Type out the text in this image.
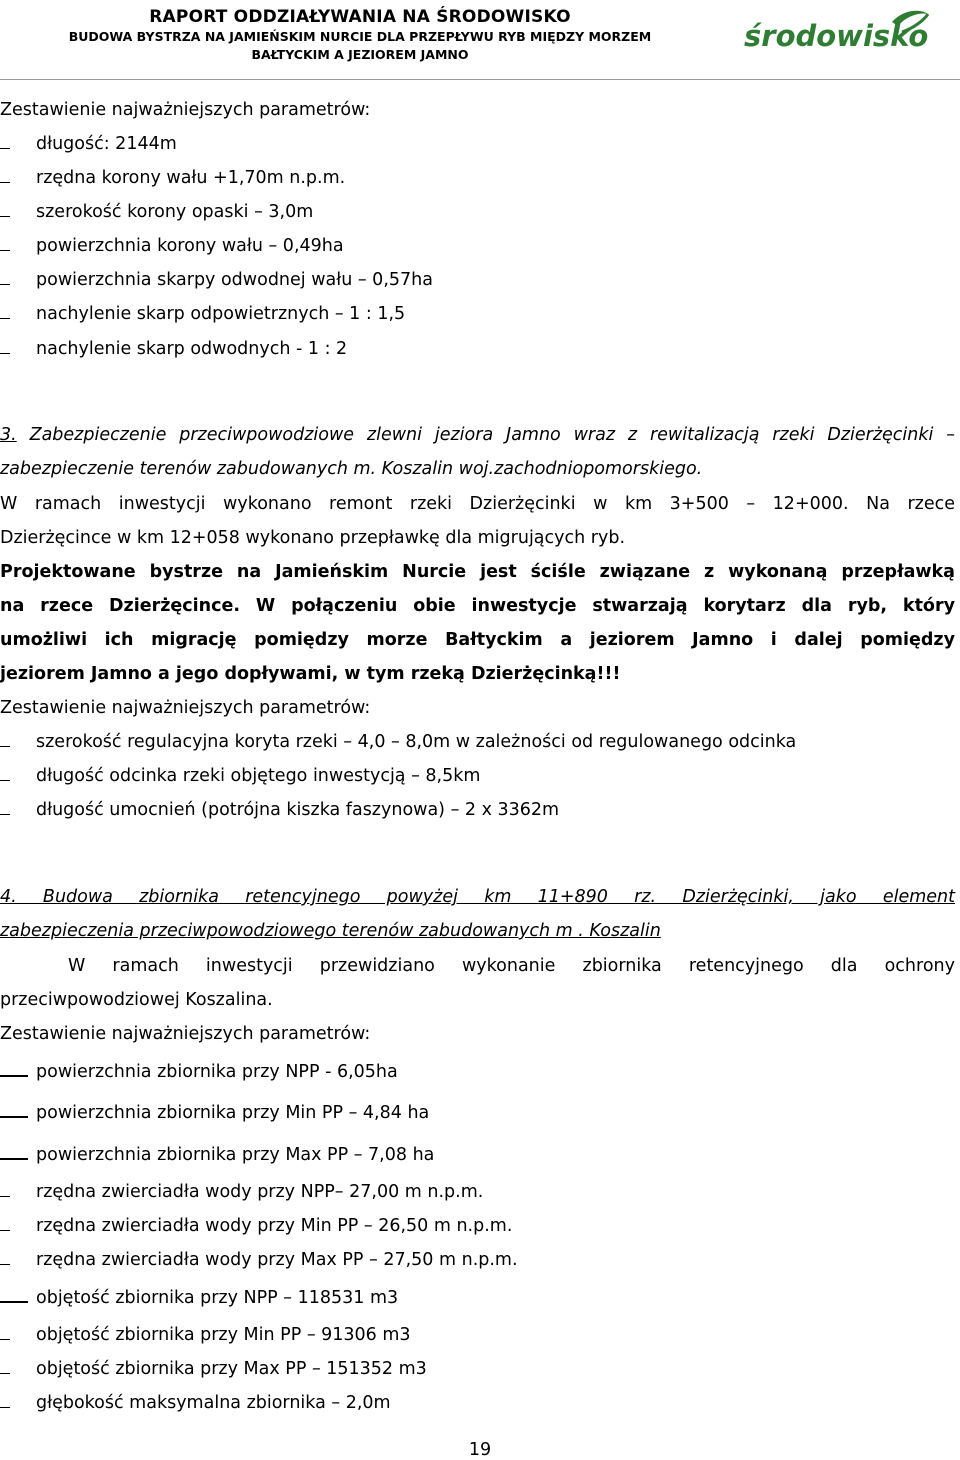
RAPORT ODDZIAŁYWANIA NA ŚRODOWISKO
BUDOWA BYSTRZA NA JAMIEŃSKIM NURCIE DLA PRZEPŁYWU RYB MIĘDZY MORZEM
BAŁTYCKIM A JEZIOREM JAMNO
środowisko
Zestawienie najważniejszych parametrów:
długość: 2144m
rzędna korony wału +1,70m n.p.m.
szerokość korony opaski – 3,0m
powierzchnia korony wału – 0,49ha
powierzchnia skarpy odwodnej wału – 0,57ha
nachylenie skarp odpowietrznych – 1 : 1,5
nachylenie skarp odwodnych - 1 : 2
3. Zabezpieczenie przeciwpowodziowe zlewni jeziora Jamno wraz z rewitalizacją rzeki Dzierżęcinki –
zabezpieczenie terenów zabudowanych m. Koszalin woj.zachodniopomorskiego.
W ramach inwestycji wykonano remont rzeki Dzierżęcinki w km 3+500 – 12+000. Na rzece
Dzierżęcince w km 12+058 wykonano przepławkę dla migrujących ryb.
Projektowane bystrze na Jamieńskim Nurcie jest ściśle związane z wykonaną przepławką
na rzece Dzierżęcince. W połączeniu obie inwestycje stwarzają korytarz dla ryb, który
umożliwi ich migrację pomiędzy morze Bałtyckim a jeziorem Jamno i dalej pomiędzy
jeziorem Jamno a jego dopływami, w tym rzeką Dzierżęcinką!!!
Zestawienie najważniejszych parametrów:
szerokość regulacyjna koryta rzeki – 4,0 – 8,0m w zależności od regulowanego odcinka
długość odcinka rzeki objętego inwestycją – 8,5km
długość umocnień (potrójna kiszka faszynowa) – 2 x 3362m
4. Budowa zbiornika retencyjnego powyżej km 11+890 rz. Dzierżęcinki, jako element
zabezpieczenia przeciwpowodziowego terenów zabudowanych m . Koszalin
W ramach inwestycji przewidziano wykonanie zbiornika retencyjnego dla ochrony
przeciwpowodziowej Koszalina.
Zestawienie najważniejszych parametrów:
powierzchnia zbiornika przy NPP - 6,05ha
powierzchnia zbiornika przy Min PP – 4,84 ha
powierzchnia zbiornika przy Max PP – 7,08 ha
rzędna zwierciadła wody przy NPP– 27,00 m n.p.m.
rzędna zwierciadła wody przy Min PP – 26,50 m n.p.m.
rzędna zwierciadła wody przy Max PP – 27,50 m n.p.m.
objętość zbiornika przy NPP – 118531 m3
objętość zbiornika przy Min PP – 91306 m3
objętość zbiornika przy Max PP – 151352 m3
głębokość maksymalna zbiornika – 2,0m
19
